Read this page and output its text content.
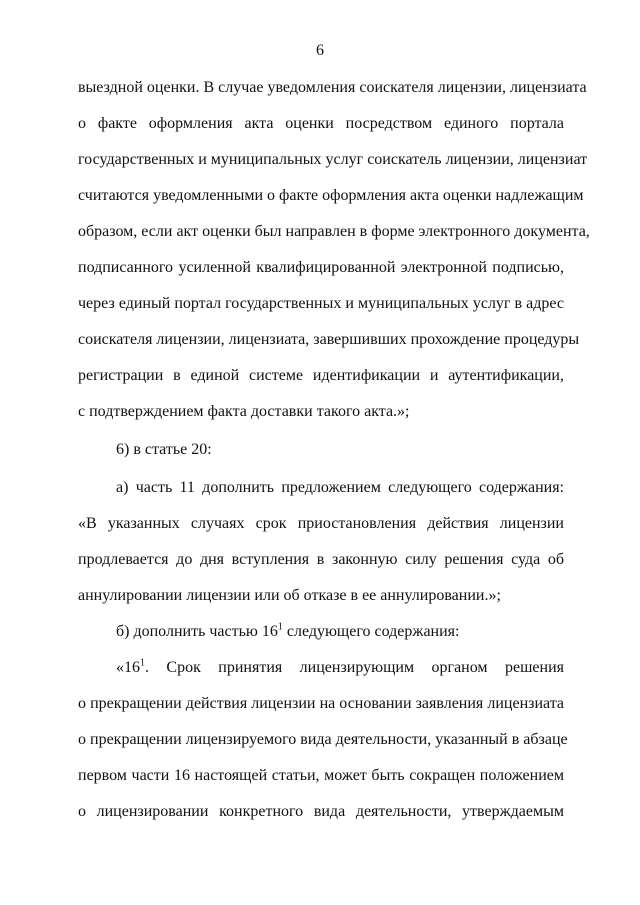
6
выездной оценки. В случае уведомления соискателя лицензии, лицензиата
о факте оформления акта оценки посредством единого портала
государственных и муниципальных услуг соискатель лицензии, лицензиат
считаются уведомленными о факте оформления акта оценки надлежащим
образом, если акт оценки был направлен в форме электронного документа,
подписанного усиленной квалифицированной электронной подписью,
через единый портал государственных и муниципальных услуг в адрес
соискателя лицензии, лицензиата, завершивших прохождение процедуры
регистрации в единой системе идентификации и аутентификации,
с подтверждением факта доставки такого акта.»;
6) в статье 20:
а) часть 11 дополнить предложением следующего содержания:
«В указанных случаях срок приостановления действия лицензии
продлевается до дня вступления в законную силу решения суда об
аннулировании лицензии или об отказе в ее аннулировании.»;
б) дополнить частью $16^1$ следующего содержания:
«$16^1$. Срок принятия лицензирующим органом решения
о прекращении действия лицензии на основании заявления лицензиата
о прекращении лицензируемого вида деятельности, указанный в абзаце
первом части 16 настоящей статьи, может быть сокращен положением
о лицензировании конкретного вида деятельности, утверждаемым
